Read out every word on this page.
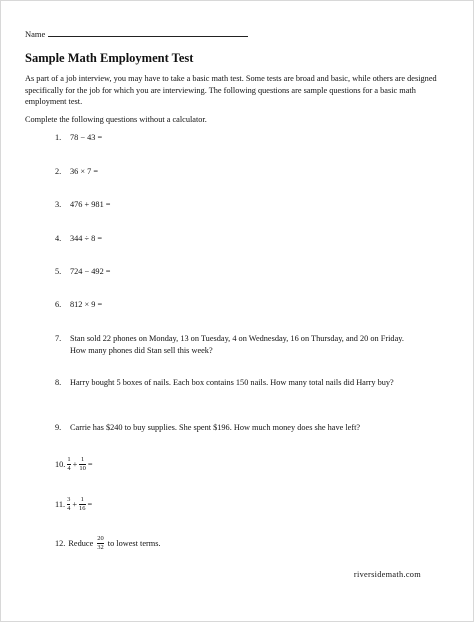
Name
Sample Math Employment Test
As part of a job interview, you may have to take a basic math test. Some tests are broad and basic, while others are designed specifically for the job for which you are interviewing. The following questions are sample questions for a basic math employment test.
Complete the following questions without a calculator.
1. 78 − 43 =
2. 36 × 7 =
3. 476 + 981 =
4. 344 ÷ 8 =
5. 724 − 492 =
6. 812 × 9 =
7. Stan sold 22 phones on Monday, 13 on Tuesday, 4 on Wednesday, 16 on Thursday, and 20 on Friday. How many phones did Stan sell this week?
8. Harry bought 5 boxes of nails. Each box contains 150 nails. How many total nails did Harry buy?
9. Carrie has $240 to buy supplies. She spent $196. How much money does she have left?
10. $\frac{1}{4} + \frac{1}{10}$ =
11. $\frac{3}{4} + \frac{1}{16}$ =
12. Reduce $\frac{20}{32}$ to lowest terms.
riversidemath.com
